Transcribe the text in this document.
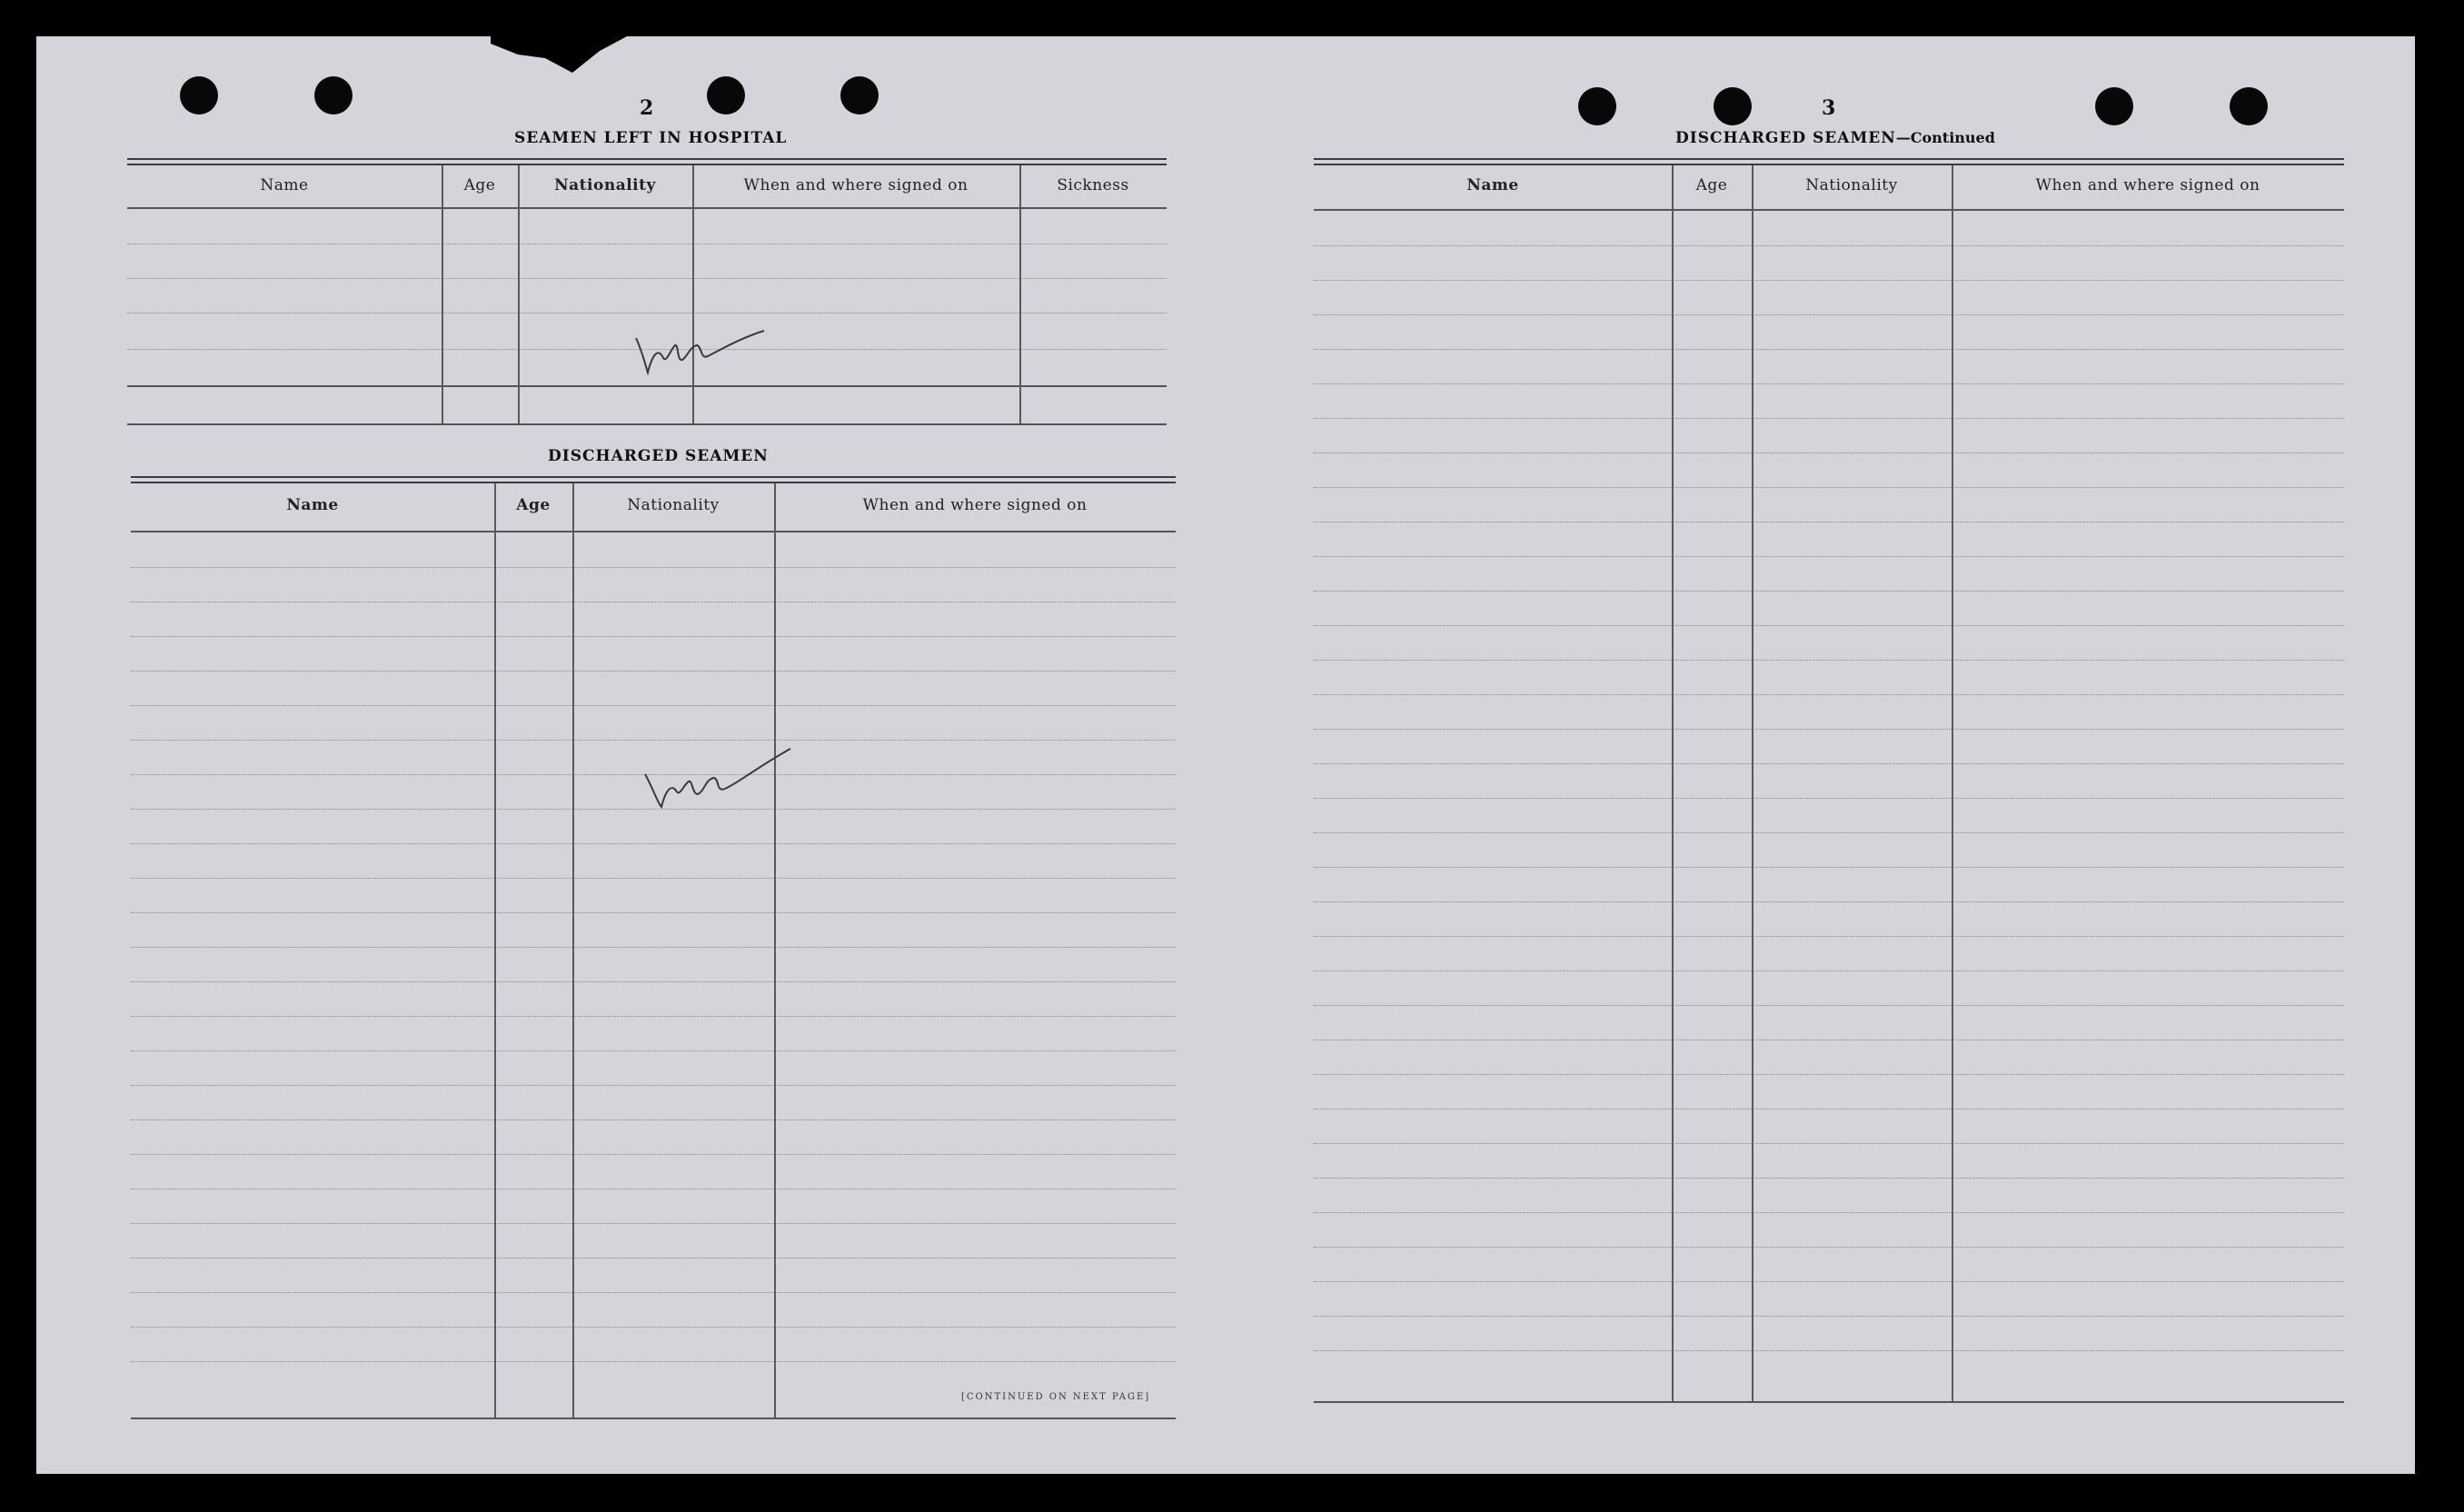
2
SEAMEN LEFT IN HOSPITAL
Name	Age	Nationality	When and where signed on	Sickness
DISCHARGED SEAMEN
Name	Age	Nationality	When and where signed on
[CONTINUED ON NEXT PAGE]
3
DISCHARGED SEAMEN—Continued
Name	Age	Nationality	When and where signed on
